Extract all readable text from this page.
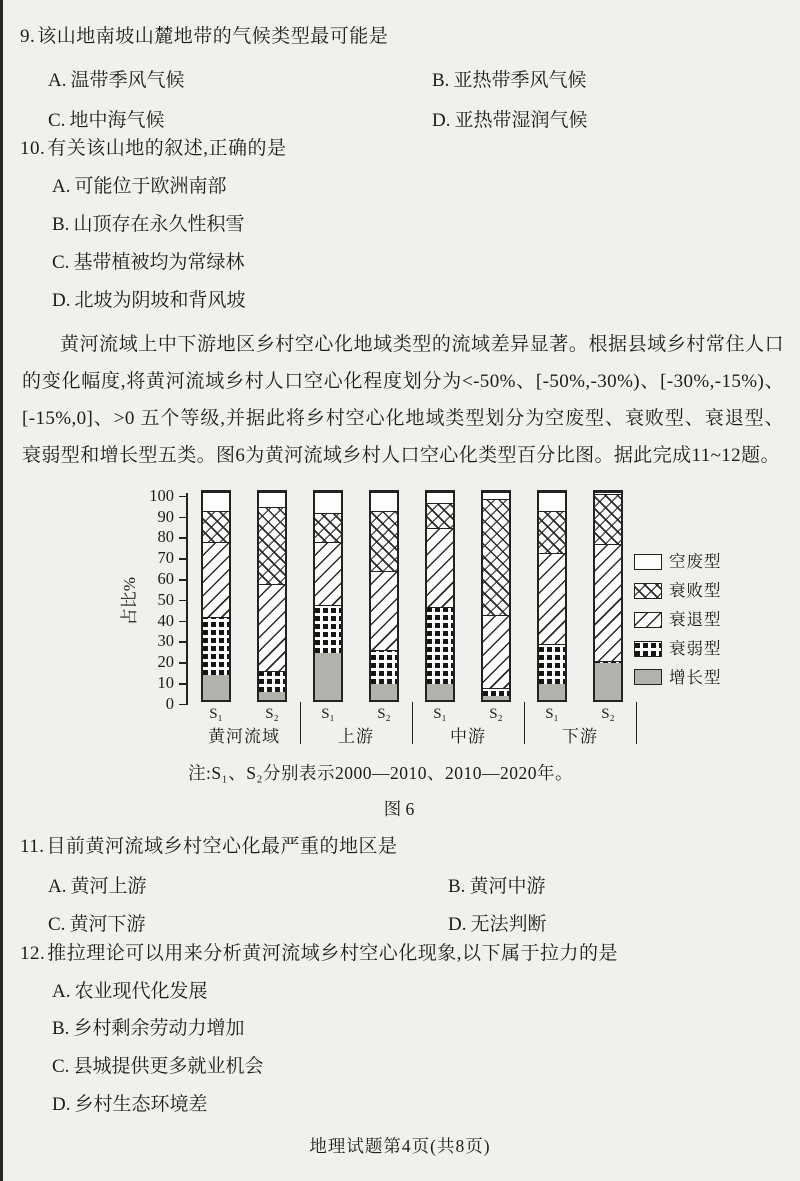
9. 该山地南坡山麓地带的气候类型最可能是
A. 温带季风气候	B. 亚热带季风气候
C. 地中海气候	D. 亚热带湿润气候
10. 有关该山地的叙述,正确的是
A. 可能位于欧洲南部
B. 山顶存在永久性积雪
C. 基带植被均为常绿林
D. 北坡为阴坡和背风坡
黄河流域上中下游地区乡村空心化地域类型的流域差异显著。根据县域乡村常住人口的变化幅度,将黄河流域乡村人口空心化程度划分为<-50%、[-50%,-30%)、[-30%,-15%)、[-15%,0]、>0 五个等级,并据此将乡村空心化地域类型划分为空废型、衰败型、衰退型、衰弱型和增长型五类。图6为黄河流域乡村人口空心化类型百分比图。据此完成11~12题。
占比%
0
10
20
30
40
50
60
70
80
90
100
S₁	S₂
黄河流域
S₁	S₂
上游
S₁	S₂
中游
S₁	S₂
下游
空废型
衰败型
衰退型
衰弱型
增长型
注:S₁、S₂分别表示2000—2010、2010—2020年。
图 6
11. 目前黄河流域乡村空心化最严重的地区是
A. 黄河上游	B. 黄河中游
C. 黄河下游	D. 无法判断
12. 推拉理论可以用来分析黄河流域乡村空心化现象,以下属于拉力的是
A. 农业现代化发展
B. 乡村剩余劳动力增加
C. 县城提供更多就业机会
D. 乡村生态环境差
地理试题第4页(共8页)
